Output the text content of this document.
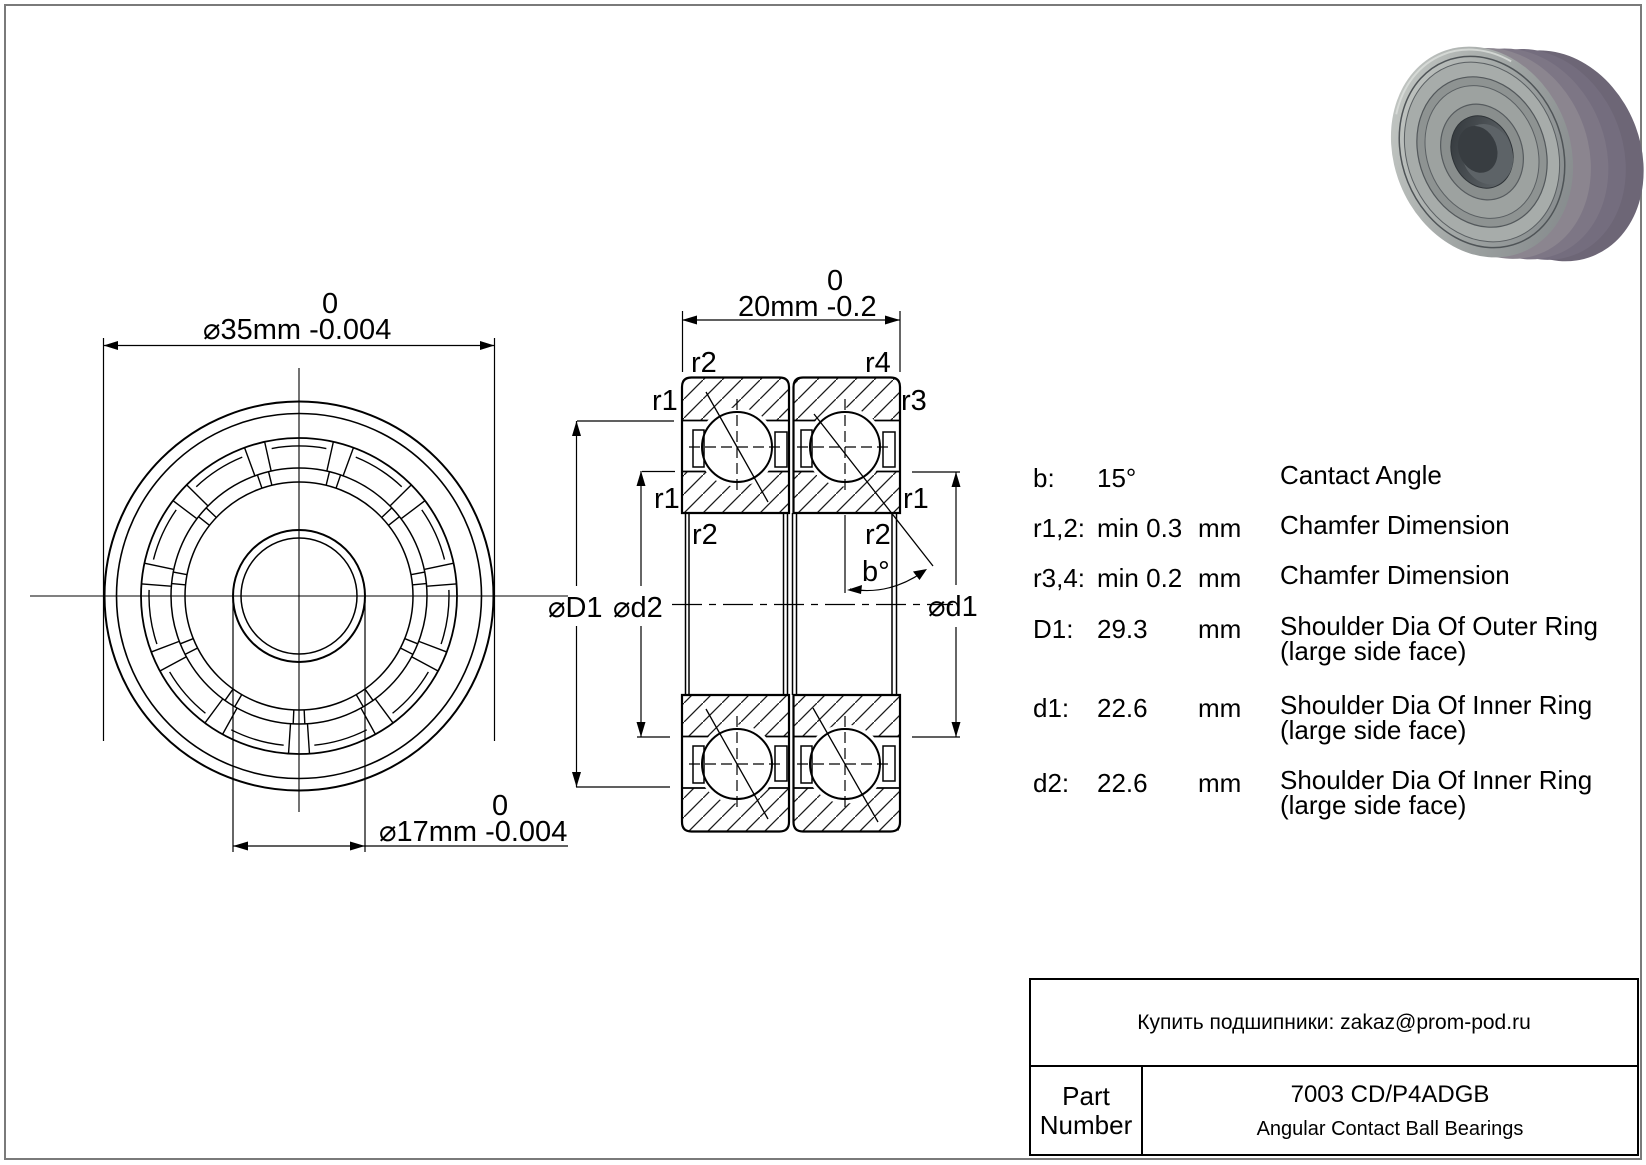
⌀35mm -0.004
0
⌀17mm -0.004
0
20mm -0.2
0
⌀D1 ⌀d2	⌀d1
b°
r2	r4
r1	r3
r1	r1
r2	r2
b: 15°	Cantact Angle
r1,2: min 0.3 mm Chamfer Dimension
r3,4: min 0.2 mm Chamfer Dimension
D1: 29.3 mm Shoulder Dia Of Outer Ring
(large side face)
d1: 22.6 mm Shoulder Dia Of Inner Ring
(large side face)
d2: 22.6 mm Shoulder Dia Of Inner Ring
(large side face)
Купить подшипники: zakaz@prom-pod.ru
Part
Number
7003 CD/P4ADGB
Angular Contact Ball Bearings
